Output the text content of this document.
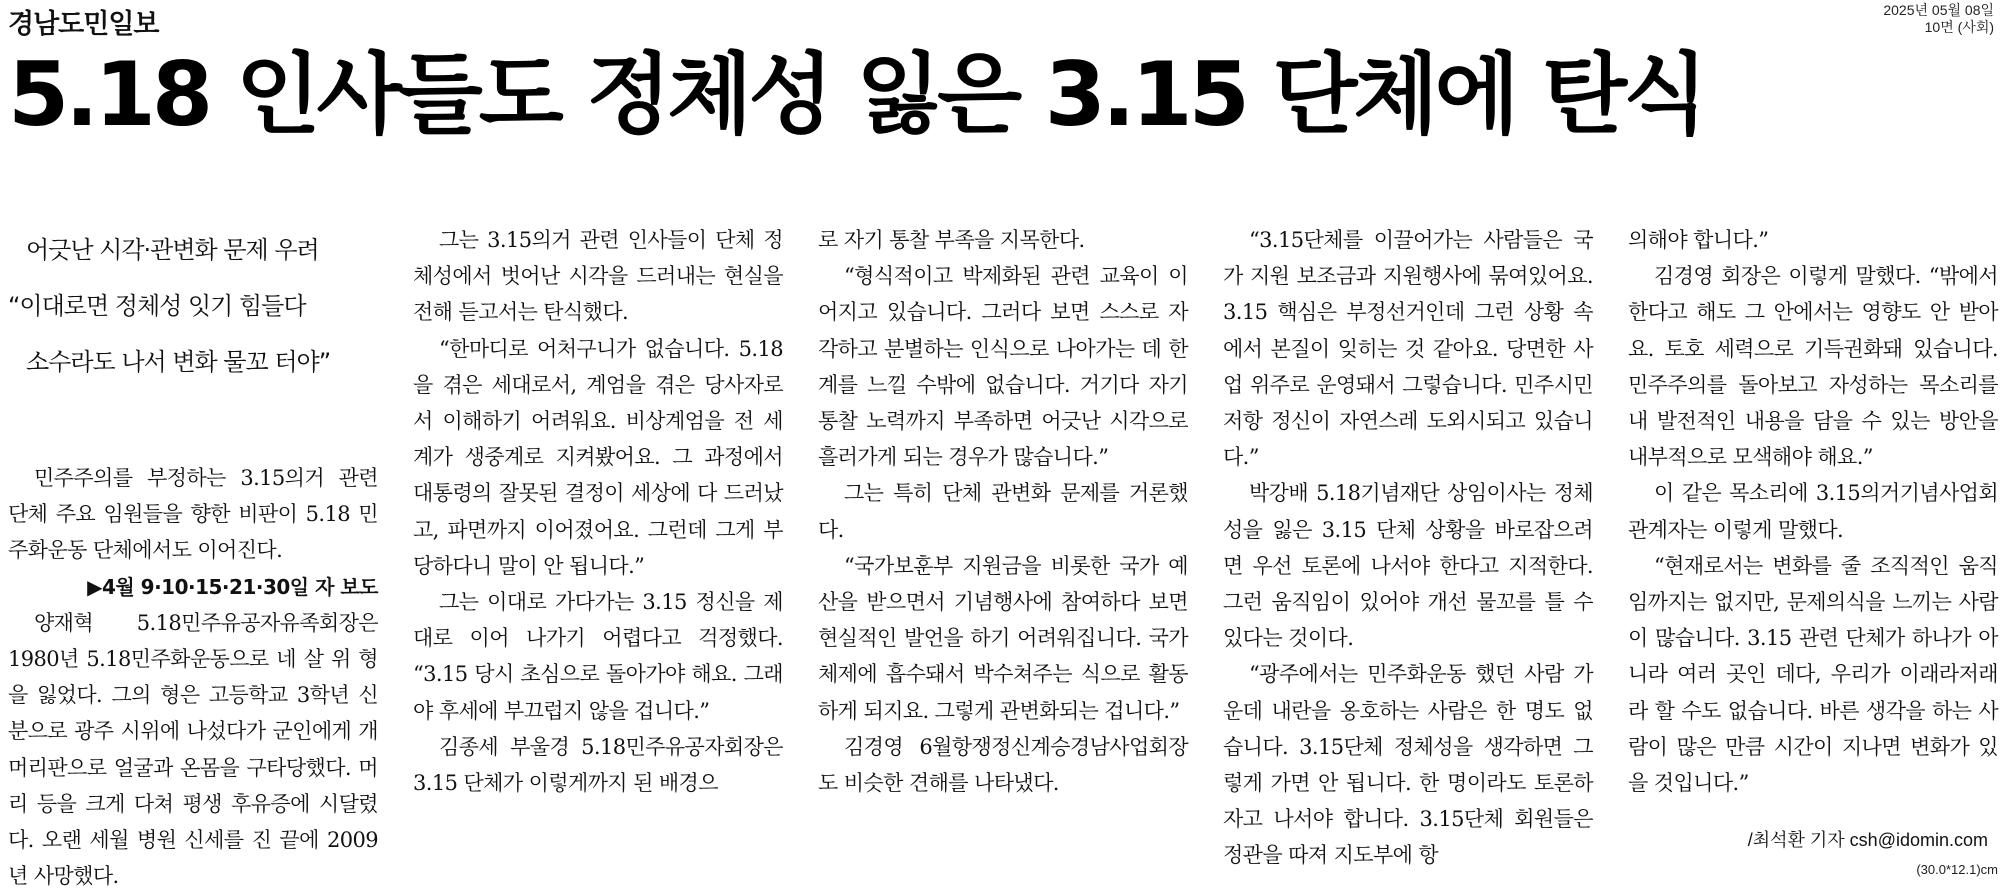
경남도민일보	2025년 05월 08일
10면 (사회)
5.18 인사들도 정체성 잃은 3.15 단체에 탄식
어긋난 시각·관변화 문제 우려
“이대로면 정체성 잇기 힘들다
소수라도 나서 변화 물꼬 터야”

민주주의를 부정하는 3.15의거 관련 단체 주요 임원들을 향한 비판이 5.18 민주화운동 단체에서도 이어진다.

▶4월 9·10·15·21·30일 자 보도

양재혁 5.18민주유공자유족회장은 1980년 5.18민주화운동으로 네 살 위 형을 잃었다. 그의 형은 고등학교 3학년 신분으로 광주 시위에 나섰다가 군인에게 개머리판으로 얼굴과 온몸을 구타당했다. 머리 등을 크게 다쳐 평생 후유증에 시달렸다. 오랜 세월 병원 신세를 진 끝에 2009년 사망했다.

그는 3.15의거 관련 인사들이 단체 정체성에서 벗어난 시각을 드러내는 현실을 전해 듣고서는 탄식했다.

“한마디로 어처구니가 없습니다. 5.18을 겪은 세대로서, 계엄을 겪은 당사자로서 이해하기 어려워요. 비상계엄을 전 세계가 생중계로 지켜봤어요. 그 과정에서 대통령의 잘못된 결정이 세상에 다 드러났고, 파면까지 이어졌어요. 그런데 그게 부당하다니 말이 안 됩니다.”

그는 이대로 가다가는 3.15 정신을 제대로 이어 나가기 어렵다고 걱정했다. “3.15 당시 초심으로 돌아가야 해요. 그래야 후세에 부끄럽지 않을 겁니다.”

김종세 부울경 5.18민주유공자회장은 3.15 단체가 이렇게까지 된 배경으

로 자기 통찰 부족을 지목한다.

“형식적이고 박제화된 관련 교육이 이어지고 있습니다. 그러다 보면 스스로 자각하고 분별하는 인식으로 나아가는 데 한계를 느낄 수밖에 없습니다. 거기다 자기 통찰 노력까지 부족하면 어긋난 시각으로 흘러가게 되는 경우가 많습니다.”

그는 특히 단체 관변화 문제를 거론했다.

“국가보훈부 지원금을 비롯한 국가 예산을 받으면서 기념행사에 참여하다 보면 현실적인 발언을 하기 어려워집니다. 국가 체제에 흡수돼서 박수쳐주는 식으로 활동하게 되지요. 그렇게 관변화되는 겁니다.”

김경영 6월항쟁정신계승경남사업회장도 비슷한 견해를 나타냈다.

“3.15단체를 이끌어가는 사람들은 국가 지원 보조금과 지원행사에 묶여있어요. 3.15 핵심은 부정선거인데 그런 상황 속에서 본질이 잊히는 것 같아요. 당면한 사업 위주로 운영돼서 그렇습니다. 민주시민 저항 정신이 자연스레 도외시되고 있습니다.”

박강배 5.18기념재단 상임이사는 정체성을 잃은 3.15 단체 상황을 바로잡으려면 우선 토론에 나서야 한다고 지적한다. 그런 움직임이 있어야 개선 물꼬를 틀 수 있다는 것이다.

“광주에서는 민주화운동 했던 사람 가운데 내란을 옹호하는 사람은 한 명도 없습니다. 3.15단체 정체성을 생각하면 그렇게 가면 안 됩니다. 한 명이라도 토론하자고 나서야 합니다. 3.15단체 회원들은 정관을 따져 지도부에 항

의해야 합니다.”

김경영 회장은 이렇게 말했다. “밖에서 한다고 해도 그 안에서는 영향도 안 받아요. 토호 세력으로 기득권화돼 있습니다. 민주주의를 돌아보고 자성하는 목소리를 내 발전적인 내용을 담을 수 있는 방안을 내부적으로 모색해야 해요.”

이 같은 목소리에 3.15의거기념사업회 관계자는 이렇게 말했다.

“현재로서는 변화를 줄 조직적인 움직임까지는 없지만, 문제의식을 느끼는 사람이 많습니다. 3.15 관련 단체가 하나가 아니라 여러 곳인 데다, 우리가 이래라저래라 할 수도 없습니다. 바른 생각을 하는 사람이 많은 만큼 시간이 지나면 변화가 있을 것입니다.”

/최석환 기자 csh@idomin.com
(30.0*12.1)cm
